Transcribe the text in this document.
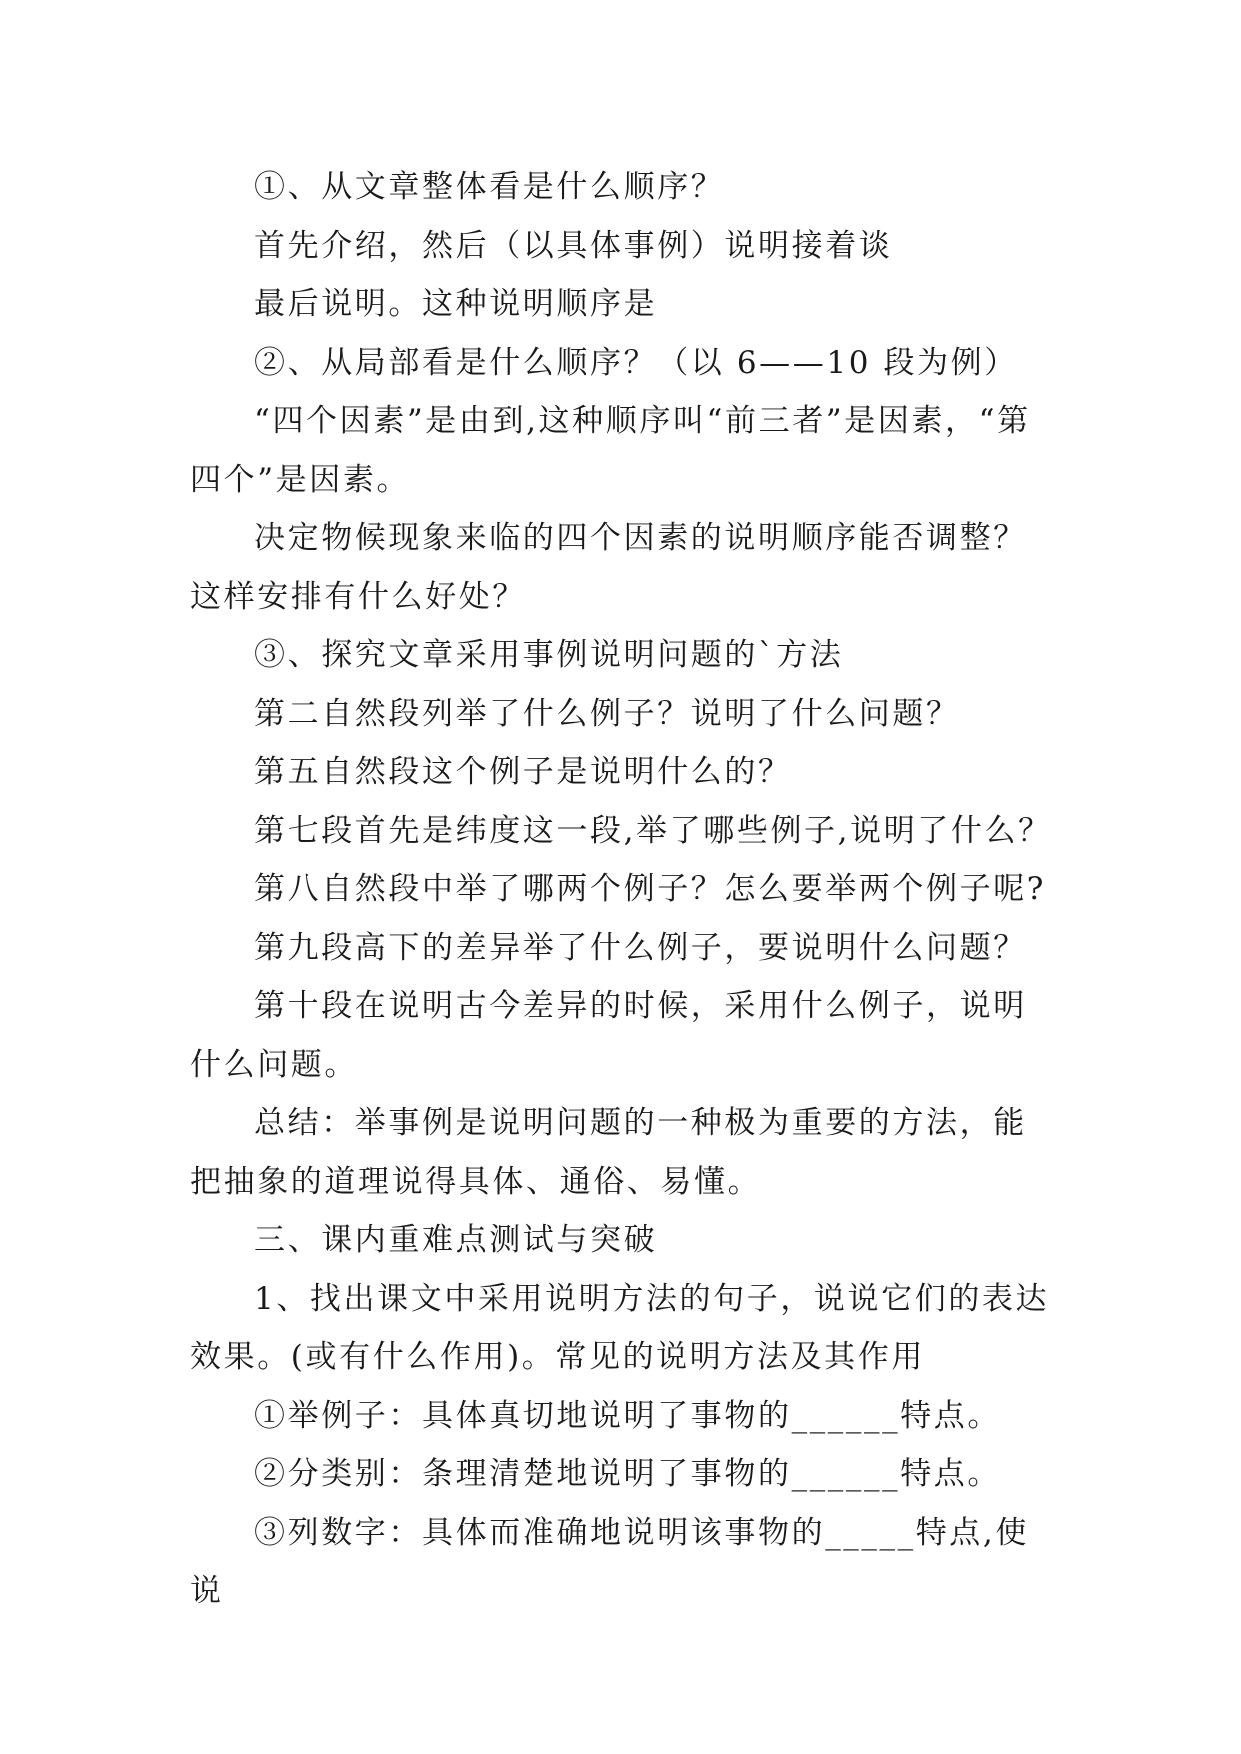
①、从文章整体看是什么顺序？

首先介绍，然后（以具体事例）说明接着谈

最后说明。这种说明顺序是

②、从局部看是什么顺序？（以 6——10 段为例）

“四个因素”是由到,这种顺序叫“前三者”是因素，“第四个”是因素。

决定物候现象来临的四个因素的说明顺序能否调整？这样安排有什么好处？

③、探究文章采用事例说明问题的`方法

第二自然段列举了什么例子？说明了什么问题？

第五自然段这个例子是说明什么的？

第七段首先是纬度这一段,举了哪些例子,说明了什么？

第八自然段中举了哪两个例子？怎么要举两个例子呢?

第九段高下的差异举了什么例子，要说明什么问题？

第十段在说明古今差异的时候，采用什么例子，说明什么问题。

总结：举事例是说明问题的一种极为重要的方法，能把抽象的道理说得具体、通俗、易懂。

三、课内重难点测试与突破

1、找出课文中采用说明方法的句子，说说它们的表达效果。(或有什么作用)。常见的说明方法及其作用

①举例子：具体真切地说明了事物的______特点。

②分类别：条理清楚地说明了事物的______特点。

③列数字：具体而准确地说明该事物的_____特点,使说
